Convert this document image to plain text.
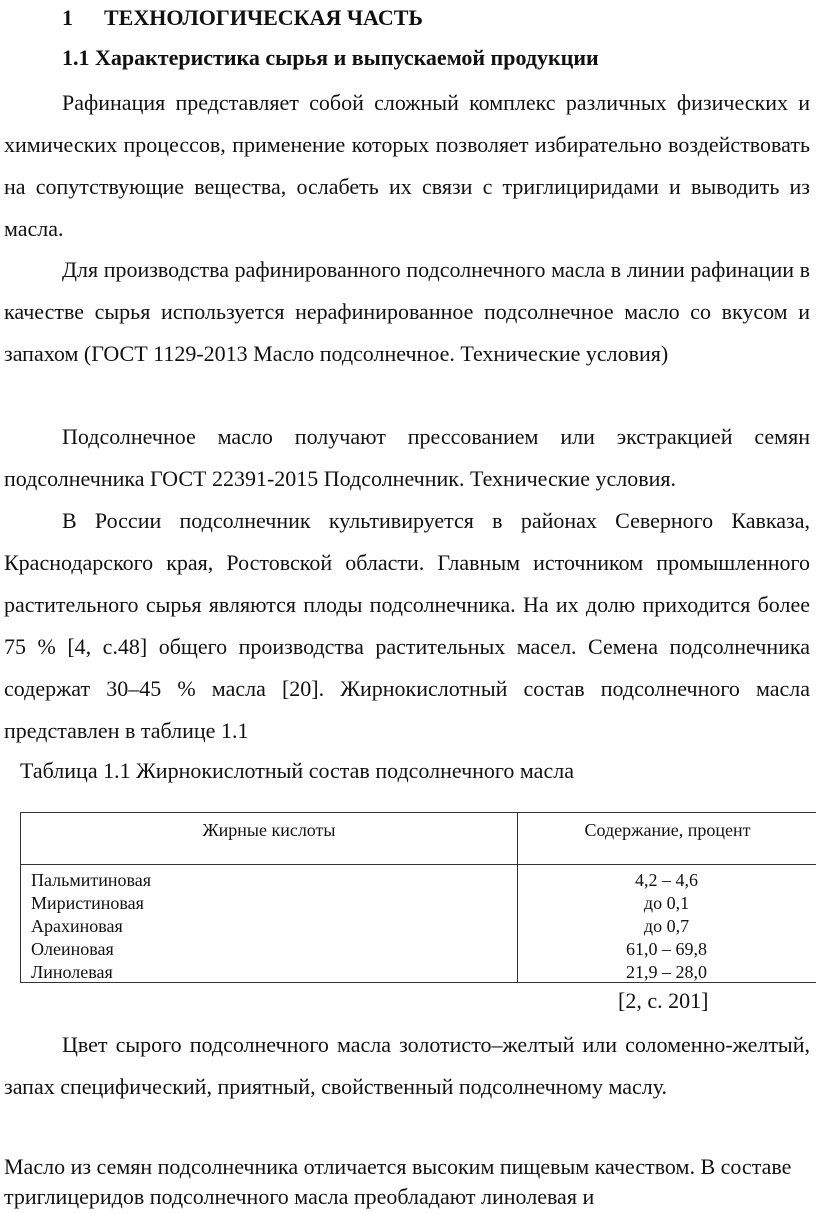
1 ТЕХНОЛОГИЧЕСКАЯ ЧАСТЬ
1.1 Характеристика сырья и выпускаемой продукции

Рафинация представляет собой сложный комплекс различных физических и химических процессов, применение которых позволяет избирательно воздействовать на сопутствующие вещества, ослабеть их связи с триглициридами и выводить из масла.

Для производства рафинированного подсолнечного масла в линии рафинации в качестве сырья используется нерафинированное подсолнечное масло со вкусом и запахом (ГОСТ 1129-2013 Масло подсолнечное. Технические условия)

Подсолнечное масло получают прессованием или экстракцией семян подсолнечника ГОСТ 22391-2015 Подсолнечник. Технические условия.

В России подсолнечник культивируется в районах Северного Кавказа, Краснодарского края, Ростовской области. Главным источником промышленного растительного сырья являются плоды подсолнечника. На их долю приходится более 75 % [4, с.48] общего производства растительных масел. Семена подсолнечника содержат 30–45 % масла [20]. Жирнокислотный состав подсолнечного масла представлен в таблице 1.1

Таблица 1.1 Жирнокислотный состав подсолнечного масла
Жирные кислоты	Содержание, процент
Пальмитиновая
Миристиновая
Арахиновая
Олеиновая
Линолевая
4,2 – 4,6
до 0,1
до 0,7
61,0 – 69,8
21,9 – 28,0
[2, с. 201]

Цвет сырого подсолнечного масла золотисто–желтый или соломенно-желтый, запах специфический, приятный, свойственный подсолнечному маслу.

Масло из семян подсолнечника отличается высоким пищевым качеством. В составе триглицеридов подсолнечного масла преобладают линолевая и
